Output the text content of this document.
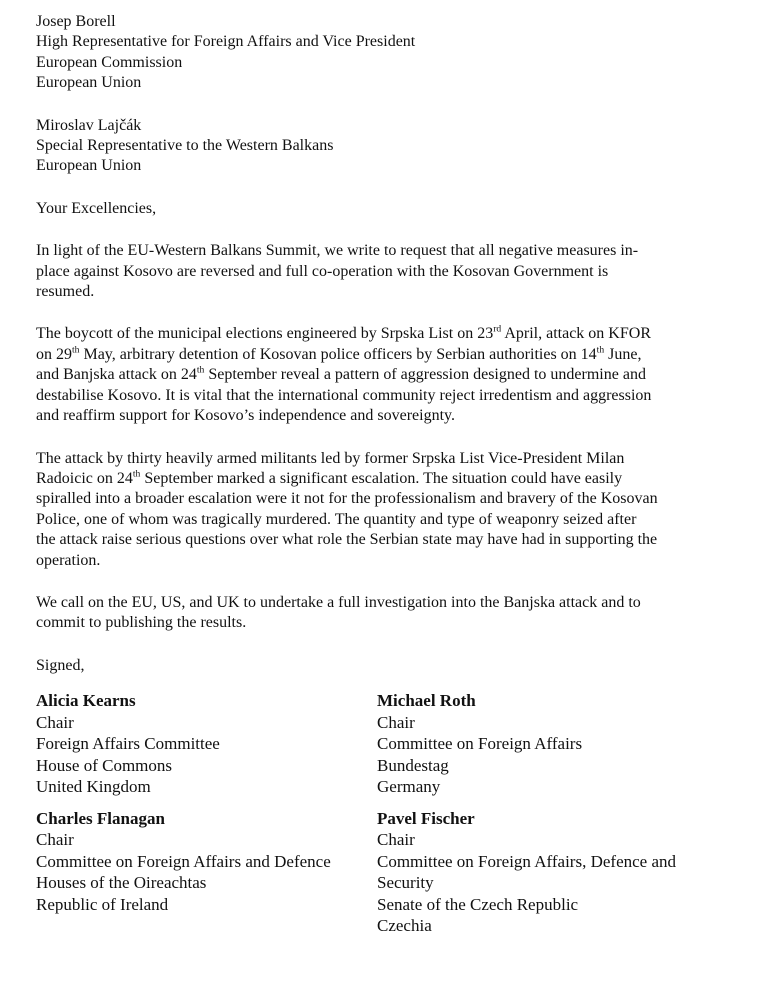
Josep Borell
High Representative for Foreign Affairs and Vice President
European Commission
European Union
Miroslav Lajčák
Special Representative to the Western Balkans
European Union
Your Excellencies,
In light of the EU-Western Balkans Summit, we write to request that all negative measures in-
place against Kosovo are reversed and full co-operation with the Kosovan Government is
resumed.
The boycott of the municipal elections engineered by Srpska List on 23rd April, attack on KFOR
on 29th May, arbitrary detention of Kosovan police officers by Serbian authorities on 14th June,
and Banjska attack on 24th September reveal a pattern of aggression designed to undermine and
destabilise Kosovo. It is vital that the international community reject irredentism and aggression
and reaffirm support for Kosovo’s independence and sovereignty.
The attack by thirty heavily armed militants led by former Srpska List Vice-President Milan
Radoicic on 24th September marked a significant escalation. The situation could have easily
spiralled into a broader escalation were it not for the professionalism and bravery of the Kosovan
Police, one of whom was tragically murdered. The quantity and type of weaponry seized after
the attack raise serious questions over what role the Serbian state may have had in supporting the
operation.
We call on the EU, US, and UK to undertake a full investigation into the Banjska attack and to
commit to publishing the results.
Signed,
Alicia Kearns
Chair
Foreign Affairs Committee
House of Commons
United Kingdom
Michael Roth
Chair
Committee on Foreign Affairs
Bundestag
Germany
Charles Flanagan
Chair
Committee on Foreign Affairs and Defence
Houses of the Oireachtas
Republic of Ireland
Pavel Fischer
Chair
Committee on Foreign Affairs, Defence and
Security
Senate of the Czech Republic
Czechia
